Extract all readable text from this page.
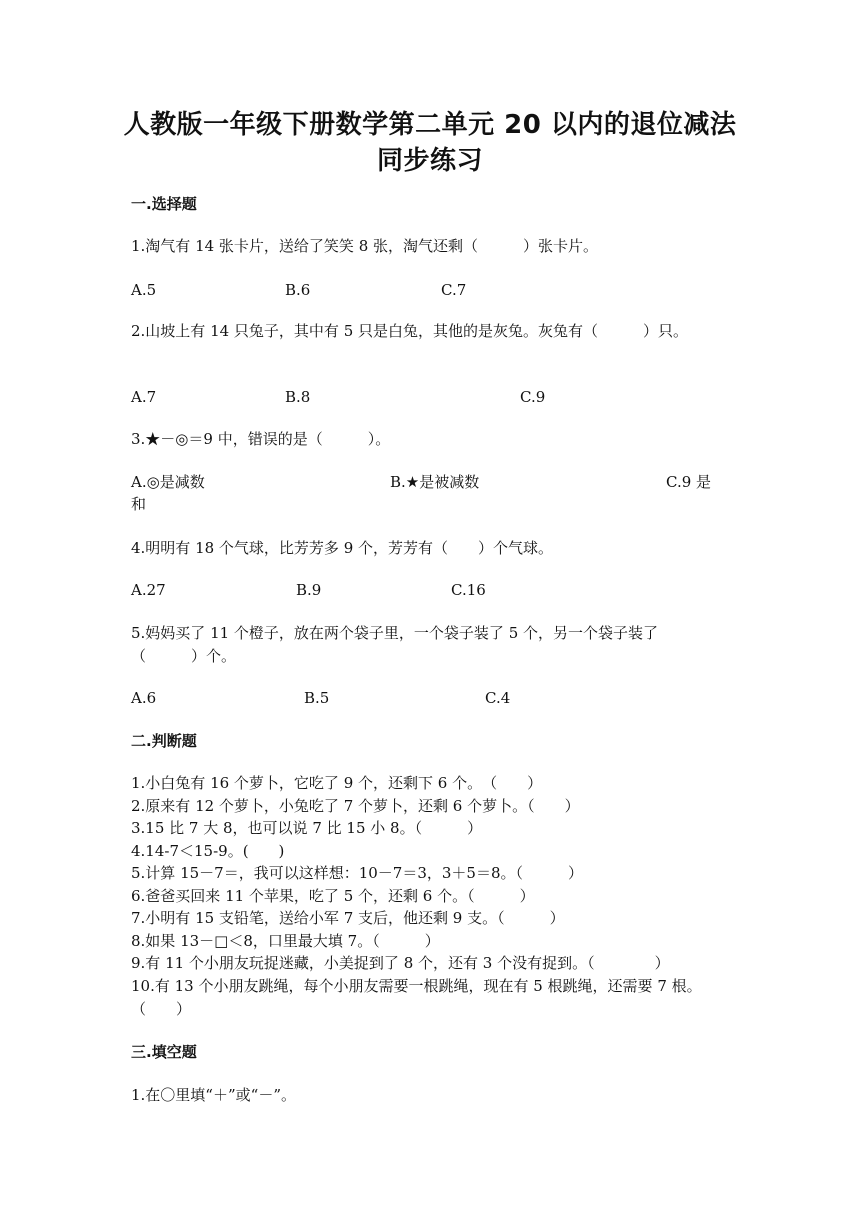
人教版一年级下册数学第二单元 20 以内的退位减法
同步练习
一.选择题
1.淘气有 14 张卡片，送给了笑笑 8 张，淘气还剩（　　　）张卡片。
A.5	B.6	C.7
2.山坡上有 14 只兔子，其中有 5 只是白兔，其他的是灰兔。灰兔有（　　　）只。
A.7	B.8	C.9
3.★－◎＝9 中，错误的是（　　　）。
A.◎是减数	B.★是被减数	C.9 是
和
4.明明有 18 个气球，比芳芳多 9 个，芳芳有（　　）个气球。
A.27	B.9	C.16
5.妈妈买了 11 个橙子，放在两个袋子里，一个袋子装了 5 个，另一个袋子装了（　　　）个。
A.6	B.5	C.4
二.判断题
1.小白兔有 16 个萝卜，它吃了 9 个，还剩下 6 个。　（　　）
2.原来有 12 个萝卜，小兔吃了 7 个萝卜，还剩 6 个萝卜。（　　）
3.15 比 7 大 8，也可以说 7 比 15 小 8。（　　　）
4.14-7＜15-9。(　　)
5.计算 15－7＝，我可以这样想：10－7＝3，3＋5＝8。（　　　）
6.爸爸买回来 11 个苹果，吃了 5 个，还剩 6 个。（　　　）
7.小明有 15 支铅笔，送给小军 7 支后，他还剩 9 支。（　　　）
8.如果 13－□＜8，口里最大填 7。（　　　）
9.有 11 个小朋友玩捉迷藏，小美捉到了 8 个，还有 3 个没有捉到。（　　　　）
10.有 13 个小朋友跳绳，每个小朋友需要一根跳绳，现在有 5 根跳绳，还需要 7 根。（　　）
三.填空题
1.在〇里填“＋”或“－”。
